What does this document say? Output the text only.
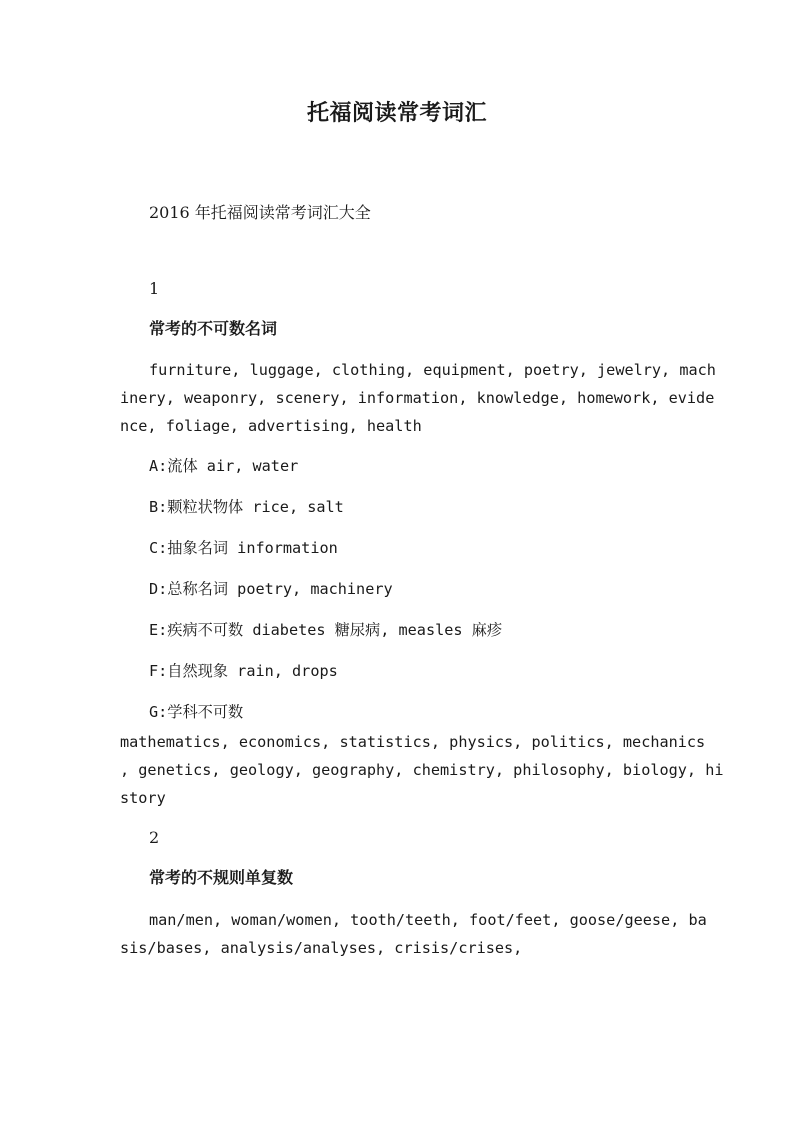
托福阅读常考词汇
2016 年托福阅读常考词汇大全
1
常考的不可数名词
furniture, luggage, clothing, equipment, poetry, jewelry, mach
inery, weaponry, scenery, information, knowledge, homework, evide
nce, foliage, advertising, health
A:流体 air, water
B:颗粒状物体 rice, salt
C:抽象名词 information
D:总称名词 poetry, machinery
E:疾病不可数 diabetes 糖尿病, measles 麻疹
F:自然现象 rain, drops
G:学科不可数
mathematics, economics, statistics, physics, politics, mechanics
, genetics, geology, geography, chemistry, philosophy, biology, hi
story
2
常考的不规则单复数
man/men, woman/women, tooth/teeth, foot/feet, goose/geese, ba
sis/bases, analysis/analyses, crisis/crises,
